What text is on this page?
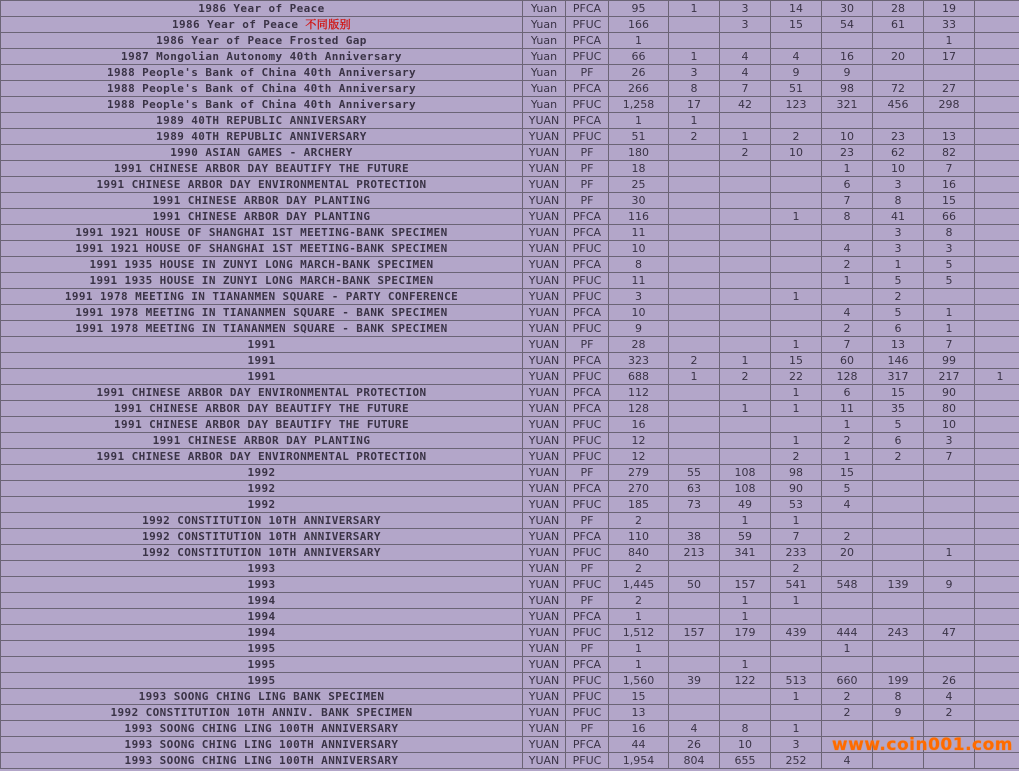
1986 Year of Peace	Yuan	PFCA	95	1	3	14	30	28	19	
1986 Year of Peace 不同版别	Yuan	PFUC	166		3	15	54	61	33	
1986 Year of Peace Frosted Gap	Yuan	PFCA	1						1	
1987 Mongolian Autonomy 40th Anniversary	Yuan	PFUC	66	1	4	4	16	20	17	
1988 People's Bank of China 40th Anniversary	Yuan	PF	26	3	4	9	9			
1988 People's Bank of China 40th Anniversary	Yuan	PFCA	266	8	7	51	98	72	27	
1988 People's Bank of China 40th Anniversary	Yuan	PFUC	1,258	17	42	123	321	456	298	
1989 40TH REPUBLIC ANNIVERSARY	YUAN	PFCA	1	1						
1989 40TH REPUBLIC ANNIVERSARY	YUAN	PFUC	51	2	1	2	10	23	13	
1990 ASIAN GAMES - ARCHERY	YUAN	PF	180		2	10	23	62	82	
1991 CHINESE ARBOR DAY BEAUTIFY THE FUTURE	YUAN	PF	18				1	10	7	
1991 CHINESE ARBOR DAY ENVIRONMENTAL PROTECTION	YUAN	PF	25				6	3	16	
1991 CHINESE ARBOR DAY PLANTING	YUAN	PF	30				7	8	15	
1991 CHINESE ARBOR DAY PLANTING	YUAN	PFCA	116			1	8	41	66	
1991 1921 HOUSE OF SHANGHAI 1ST MEETING-BANK SPECIMEN	YUAN	PFCA	11					3	8	
1991 1921 HOUSE OF SHANGHAI 1ST MEETING-BANK SPECIMEN	YUAN	PFUC	10				4	3	3	
1991 1935 HOUSE IN ZUNYI LONG MARCH-BANK SPECIMEN	YUAN	PFCA	8				2	1	5	
1991 1935 HOUSE IN ZUNYI LONG MARCH-BANK SPECIMEN	YUAN	PFUC	11				1	5	5	
1991 1978 MEETING IN TIANANMEN SQUARE - PARTY CONFERENCE	YUAN	PFUC	3			1		2		
1991 1978 MEETING IN TIANANMEN SQUARE - BANK SPECIMEN	YUAN	PFCA	10				4	5	1	
1991 1978 MEETING IN TIANANMEN SQUARE - BANK SPECIMEN	YUAN	PFUC	9				2	6	1	
1991	YUAN	PF	28			1	7	13	7	
1991	YUAN	PFCA	323	2	1	15	60	146	99	
1991	YUAN	PFUC	688	1	2	22	128	317	217	1
1991 CHINESE ARBOR DAY ENVIRONMENTAL PROTECTION	YUAN	PFCA	112			1	6	15	90	
1991 CHINESE ARBOR DAY BEAUTIFY THE FUTURE	YUAN	PFCA	128		1	1	11	35	80	
1991 CHINESE ARBOR DAY BEAUTIFY THE FUTURE	YUAN	PFUC	16				1	5	10	
1991 CHINESE ARBOR DAY PLANTING	YUAN	PFUC	12			1	2	6	3	
1991 CHINESE ARBOR DAY ENVIRONMENTAL PROTECTION	YUAN	PFUC	12			2	1	2	7	
1992	YUAN	PF	279	55	108	98	15			
1992	YUAN	PFCA	270	63	108	90	5			
1992	YUAN	PFUC	185	73	49	53	4			
1992 CONSTITUTION 10TH ANNIVERSARY	YUAN	PF	2		1	1				
1992 CONSTITUTION 10TH ANNIVERSARY	YUAN	PFCA	110	38	59	7	2			
1992 CONSTITUTION 10TH ANNIVERSARY	YUAN	PFUC	840	213	341	233	20		1	
1993	YUAN	PF	2			2				
1993	YUAN	PFUC	1,445	50	157	541	548	139	9	
1994	YUAN	PF	2		1	1				
1994	YUAN	PFCA	1		1					
1994	YUAN	PFUC	1,512	157	179	439	444	243	47	
1995	YUAN	PF	1				1			
1995	YUAN	PFCA	1		1					
1995	YUAN	PFUC	1,560	39	122	513	660	199	26	
1993 SOONG CHING LING BANK SPECIMEN	YUAN	PFUC	15			1	2	8	4	
1992 CONSTITUTION 10TH ANNIV. BANK SPECIMEN	YUAN	PFUC	13				2	9	2	
1993 SOONG CHING LING 100TH ANNIVERSARY	YUAN	PF	16	4	8	1				
1993 SOONG CHING LING 100TH ANNIVERSARY	YUAN	PFCA	44	26	10	3				
1993 SOONG CHING LING 100TH ANNIVERSARY	YUAN	PFUC	1,954	804	655	252	4			
www.coin001.com
